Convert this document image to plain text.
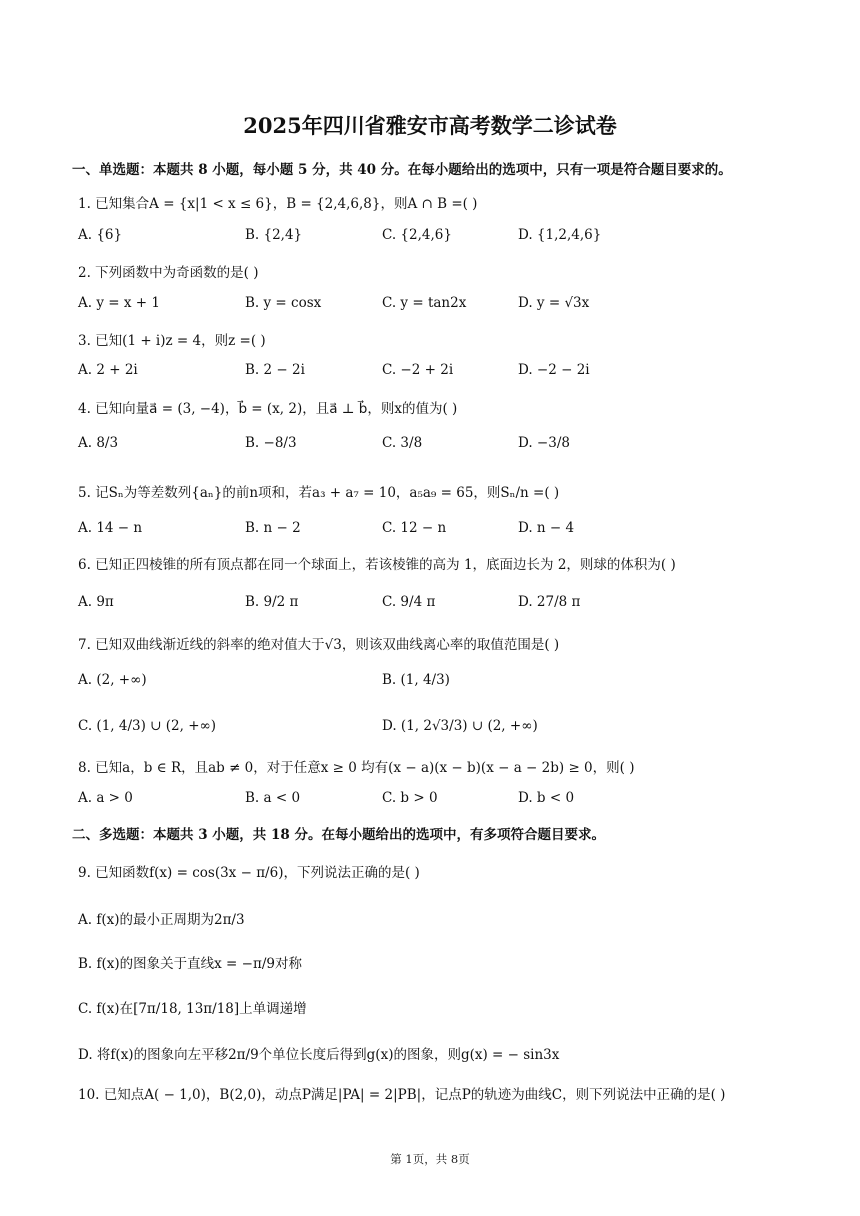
2025年四川省雅安市高考数学二诊试卷
一、单选题：本题共 8 小题，每小题 5 分，共 40 分。在每小题给出的选项中，只有一项是符合题目要求的。
1. 已知集合A = {x|1 < x ≤ 6}，B = {2,4,6,8}，则A ∩ B =( )
A. {6}	B. {2,4}	C. {2,4,6}	D. {1,2,4,6}
2. 下列函数中为奇函数的是( )
A. y = x + 1	B. y = cosx	C. y = tan2x	D. y = √3x
3. 已知(1 + i)z = 4，则z =( )
A. 2 + 2i	B. 2 − 2i	C. −2 + 2i	D. −2 − 2i
4. 已知向量a⃗ = (3, −4)，b⃗ = (x, 2)，且a⃗ ⊥ b⃗，则x的值为( )
A. 8/3	B. −8/3	C. 3/8	D. −3/8
5. 记Sₙ为等差数列{aₙ}的前n项和，若a₃ + a₇ = 10，a₅a₉ = 65，则Sₙ/n =( )
A. 14 − n	B. n − 2	C. 12 − n	D. n − 4
6. 已知正四棱锥的所有顶点都在同一个球面上，若该棱锥的高为 1，底面边长为 2，则球的体积为( )
A. 9π	B. 9/2 π	C. 9/4 π	D. 27/8 π
7. 已知双曲线渐近线的斜率的绝对值大于√3，则该双曲线离心率的取值范围是( )
A. (2, +∞)	B. (1, 4/3)
C. (1, 4/3) ∪ (2, +∞)	D. (1, 2√3/3) ∪ (2, +∞)
8. 已知a，b ∈ R，且ab ≠ 0，对于任意x ≥ 0 均有(x − a)(x − b)(x − a − 2b) ≥ 0，则( )
A. a > 0	B. a < 0	C. b > 0	D. b < 0
二、多选题：本题共 3 小题，共 18 分。在每小题给出的选项中，有多项符合题目要求。
9. 已知函数f(x) = cos(3x − π/6)，下列说法正确的是( )
A. f(x)的最小正周期为2π/3
B. f(x)的图象关于直线x = −π/9对称
C. f(x)在[7π/18, 13π/18]上单调递增
D. 将f(x)的图象向左平移2π/9个单位长度后得到g(x)的图象，则g(x) = − sin3x
10. 已知点A( − 1,0)，B(2,0)，动点P满足|PA| = 2|PB|，记点P的轨迹为曲线C，则下列说法中正确的是( )
第 1页，共 8页
